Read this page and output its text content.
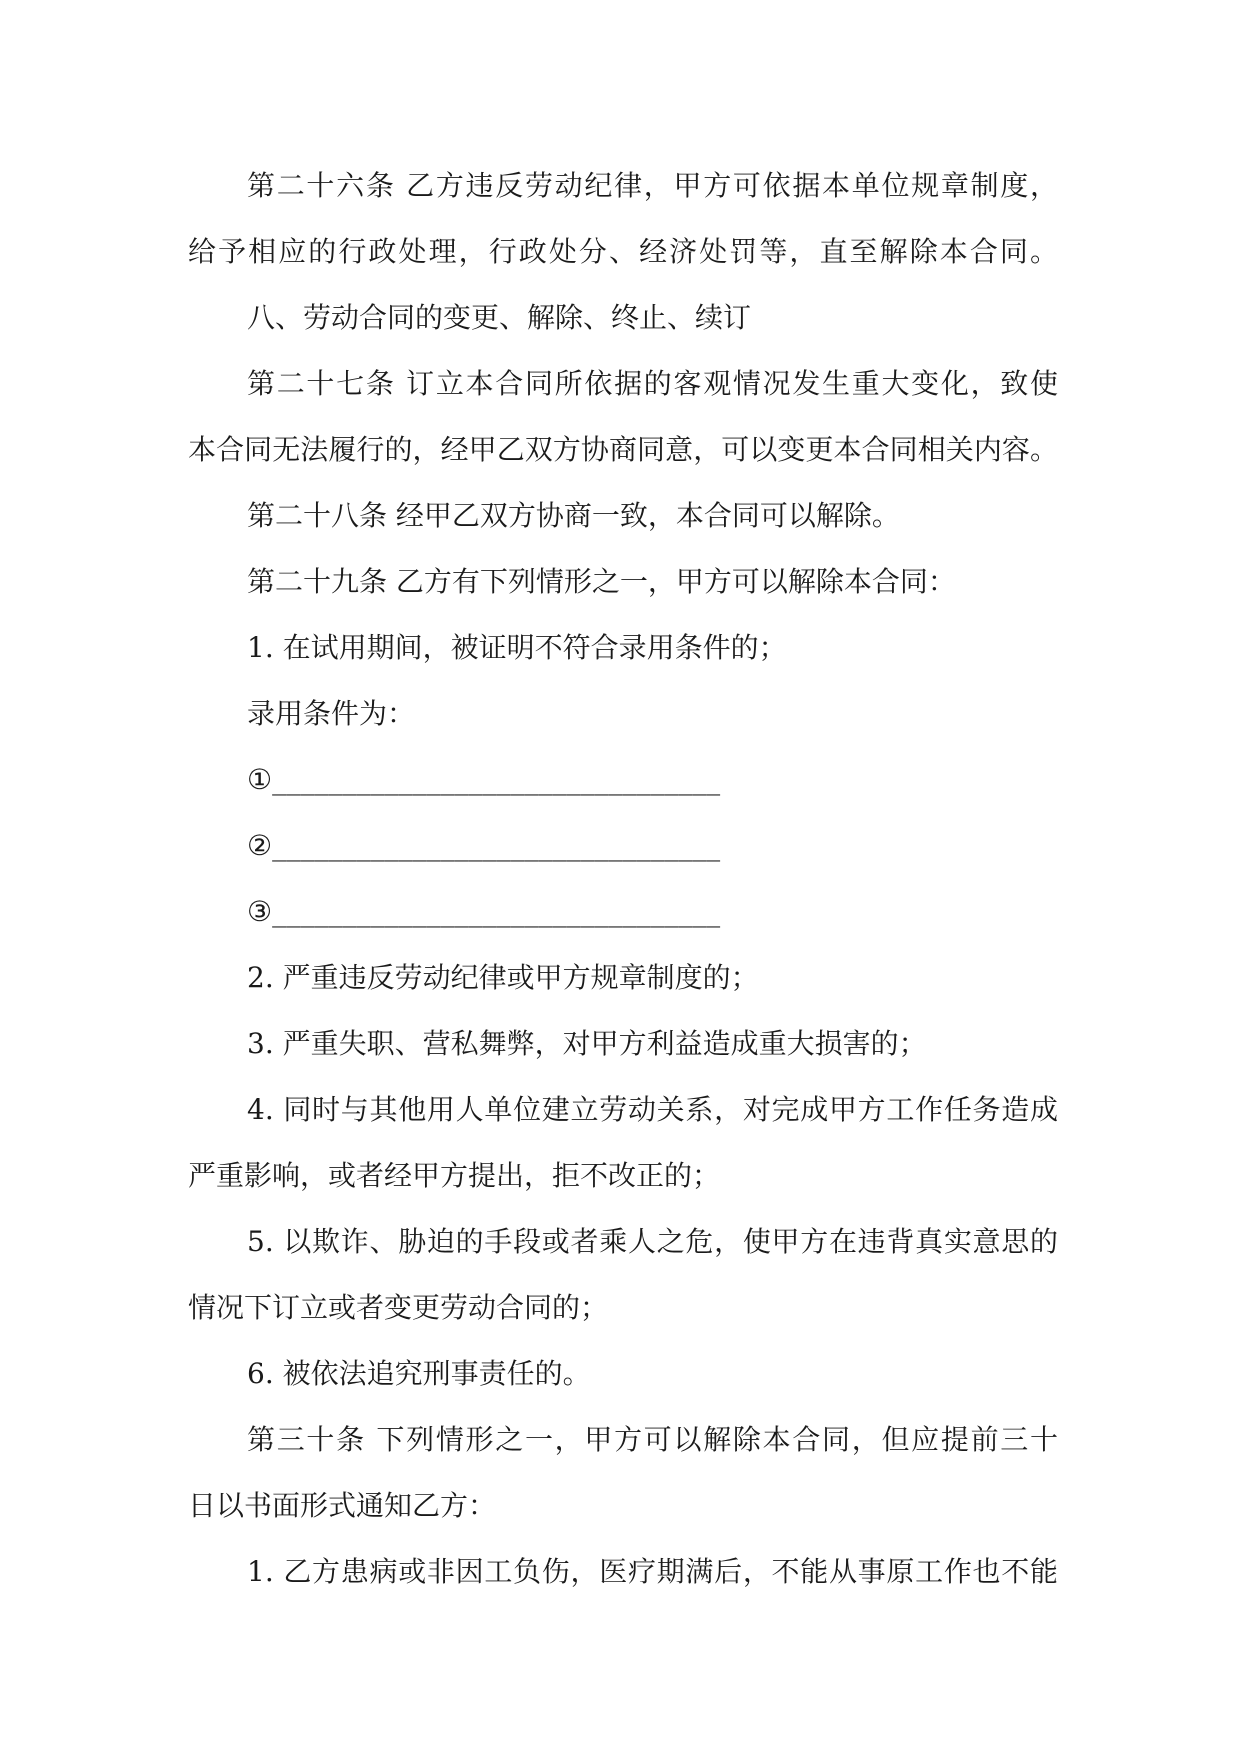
第二十六条 乙方违反劳动纪律，甲方可依据本单位规章制度，
给予相应的行政处理，行政处分、经济处罚等，直至解除本合同。
八、劳动合同的变更、解除、终止、续订
第二十七条 订立本合同所依据的客观情况发生重大变化，致使
本合同无法履行的，经甲乙双方协商同意，可以变更本合同相关内容。
第二十八条 经甲乙双方协商一致，本合同可以解除。
第二十九条 乙方有下列情形之一，甲方可以解除本合同：
1. 在试用期间，被证明不符合录用条件的；
录用条件为：
①________________________________
②________________________________
③________________________________
2. 严重违反劳动纪律或甲方规章制度的；
3. 严重失职、营私舞弊，对甲方利益造成重大损害的；
4. 同时与其他用人单位建立劳动关系，对完成甲方工作任务造成
严重影响，或者经甲方提出，拒不改正的；
5. 以欺诈、胁迫的手段或者乘人之危，使甲方在违背真实意思的
情况下订立或者变更劳动合同的；
6. 被依法追究刑事责任的。
第三十条 下列情形之一，甲方可以解除本合同，但应提前三十
日以书面形式通知乙方：
1. 乙方患病或非因工负伤，医疗期满后，不能从事原工作也不能
